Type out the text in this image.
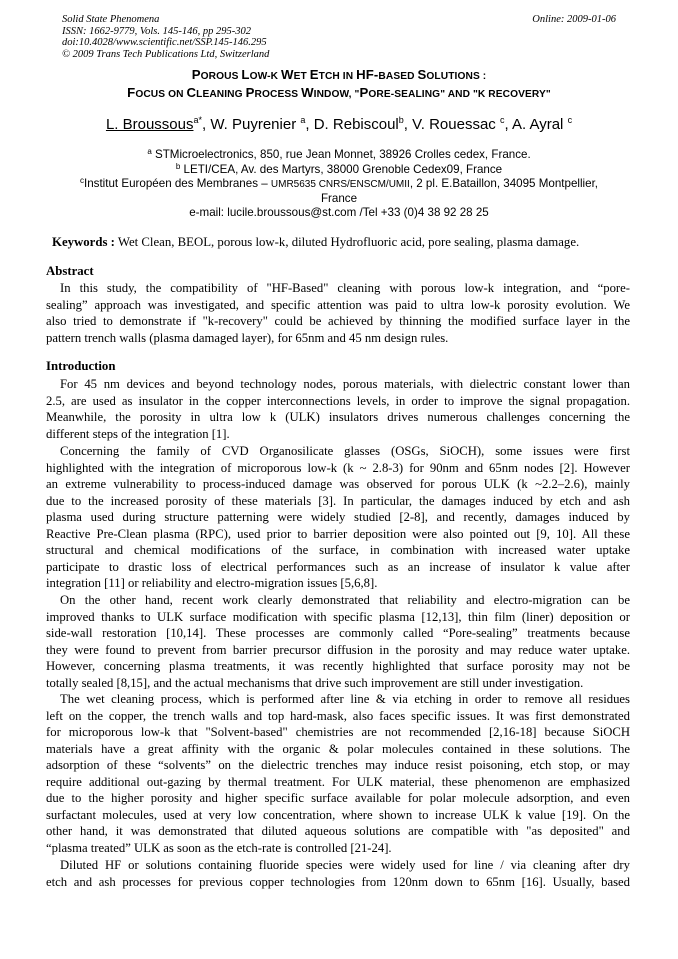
Solid State Phenomena
ISSN: 1662-9779, Vols. 145-146, pp 295-302
doi:10.4028/www.scientific.net/SSP.145-146.295
© 2009 Trans Tech Publications Ltd, Switzerland
Online: 2009-01-06
POROUS LOW-K WET ETCH IN HF-BASED SOLUTIONS :
FOCUS ON CLEANING PROCESS WINDOW, "PORE-SEALING" AND "K RECOVERY"
L. Broussous$^{a*}$, W. Puyrenier $^a$, D. Rebiscoul$^b$, V. Rouessac $^c$, A. Ayral $^c$
$^a$ STMicroelectronics, 850, rue Jean Monnet, 38926 Crolles cedex, France.
$^b$ LETI/CEA, Av. des Martyrs, 38000 Grenoble Cedex09, France
$^c$Institut Européen des Membranes – UMR5635 CNRS/ENSCM/UMII, 2 pl. E.Bataillon, 34095 Montpellier,
France
e-mail: lucile.broussous@st.com /Tel +33 (0)4 38 92 28 25
Keywords : Wet Clean, BEOL, porous low-k, diluted Hydrofluoric acid, pore sealing, plasma damage.
Abstract
In this study, the compatibility of "HF-Based" cleaning with porous low-k integration, and “pore-
sealing” approach was investigated, and specific attention was paid to ultra low-k porosity evolution. We
also tried to demonstrate if "k-recovery" could be achieved by thinning the modified surface layer in the
pattern trench walls (plasma damaged layer), for 65nm and 45 nm design rules.
Introduction
For 45 nm devices and beyond technology nodes, porous materials, with dielectric constant lower than
2.5, are used as insulator in the copper interconnections levels, in order to improve the signal propagation.
Meanwhile, the porosity in ultra low k (ULK) insulators drives numerous challenges concerning the
different steps of the integration [1].
Concerning the family of CVD Organosilicate glasses (OSGs, SiOCH), some issues were first
highlighted with the integration of microporous low-k (k ~ 2.8-3) for 90nm and 65nm nodes [2]. However
an extreme vulnerability to process-induced damage was observed for porous ULK (k ~2.2–2.6), mainly
due to the increased porosity of these materials [3]. In particular, the damages induced by etch and ash
plasma used during structure patterning were widely studied [2-8], and recently, damages induced by
Reactive Pre-Clean plasma (RPC), used prior to barrier deposition were also pointed out [9, 10]. All these
structural and chemical modifications of the surface, in combination with increased water uptake
participate to drastic loss of electrical performances such as an increase of insulator k value after
integration [11] or reliability and electro-migration issues [5,6,8].
On the other hand, recent work clearly demonstrated that reliability and electro-migration can be
improved thanks to ULK surface modification with specific plasma [12,13], thin film (liner) deposition or
side-wall restoration [10,14]. These processes are commonly called “Pore-sealing” treatments because
they were found to prevent from barrier precursor diffusion in the porosity and may reduce water uptake.
However, concerning plasma treatments, it was recently highlighted that surface porosity may not be
totally sealed [8,15], and the actual mechanisms that drive such improvement are still under investigation.
The wet cleaning process, which is performed after line & via etching in order to remove all residues
left on the copper, the trench walls and top hard-mask, also faces specific issues. It was first demonstrated
for microporous low-k that "Solvent-based" chemistries are not recommended [2,16-18] because SiOCH
materials have a great affinity with the organic & polar molecules contained in these solutions. The
adsorption of these “solvents” on the dielectric trenches may induce resist poisoning, etch stop, or may
require additional out-gazing by thermal treatment. For ULK material, these phenomenon are emphasized
due to the higher porosity and higher specific surface available for polar molecule adsorption, and even
surfactant molecules, used at very low concentration, where shown to increase ULK k value [19]. On the
other hand, it was demonstrated that diluted aqueous solutions are compatible with "as deposited" and
“plasma treated” ULK as soon as the etch-rate is controlled [21-24].
Diluted HF or solutions containing fluoride species were widely used for line / via cleaning after dry
etch and ash processes for previous copper technologies from 120nm down to 65nm [16]. Usually, based
